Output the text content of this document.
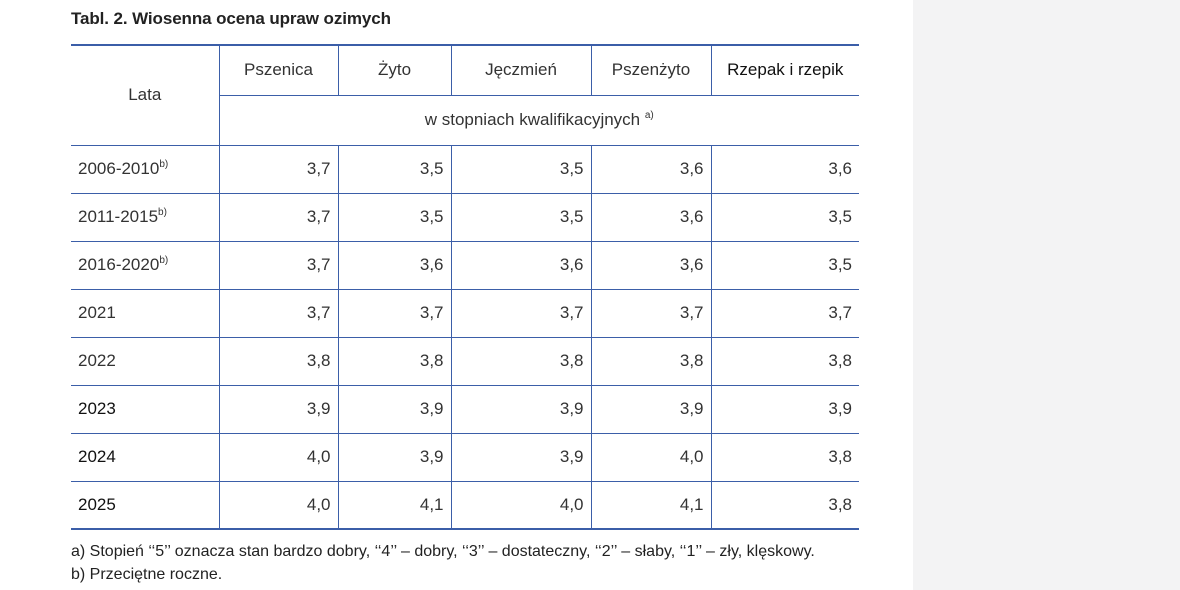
Tabl. 2. Wiosenna ocena upraw ozimych
Lata	Pszenica	Żyto	Jęczmień	Pszenżyto	Rzepak i rzepik
	w stopniach kwalifikacyjnych $^{a)}$
2006-2010$^{b)}$	3,7	3,5	3,5	3,6	3,6
2011-2015$^{b)}$	3,7	3,5	3,5	3,6	3,5
2016-2020$^{b)}$	3,7	3,6	3,6	3,6	3,5
2021	3,7	3,7	3,7	3,7	3,7
2022	3,8	3,8	3,8	3,8	3,8
2023	3,9	3,9	3,9	3,9	3,9
2024	4,0	3,9	3,9	4,0	3,8
2025	4,0	4,1	4,0	4,1	3,8
a) Stopień ‘‘5’’ oznacza stan bardzo dobry, ‘‘4’’ – dobry, ‘‘3’’ – dostateczny, ‘‘2’’ – słaby, ‘‘1’’ – zły, klęskowy.
b) Przeciętne roczne.
